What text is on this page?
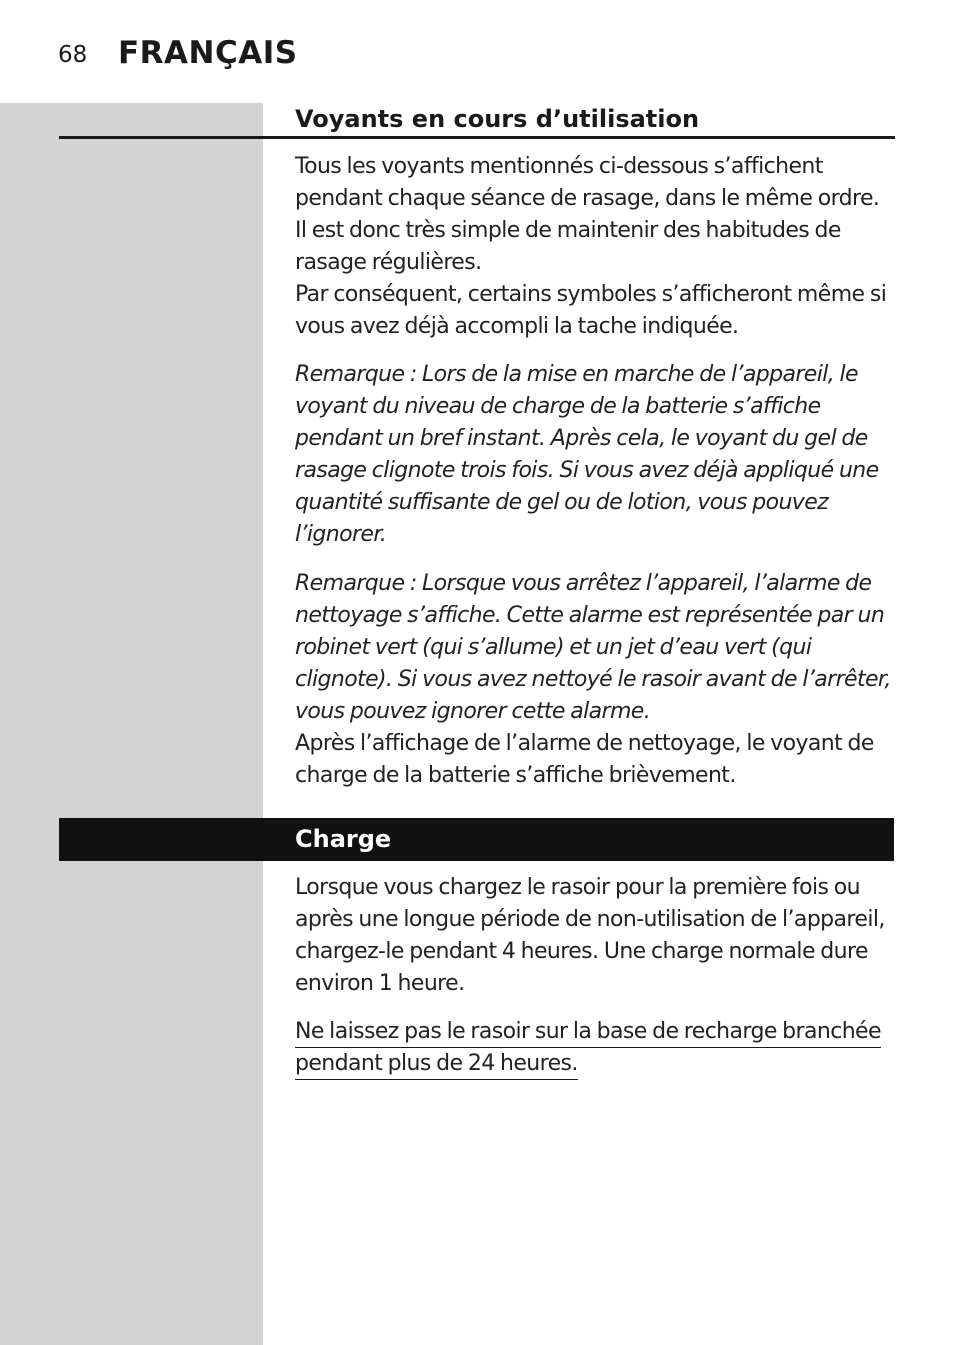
68 FRANÇAIS
Voyants en cours d’utilisation

Tous les voyants mentionnés ci-dessous s’affichent pendant chaque séance de rasage, dans le même ordre. Il est donc très simple de maintenir des habitudes de rasage régulières.

Par conséquent, certains symboles s’afficheront même si vous avez déjà accompli la tache indiquée.

Remarque : Lors de la mise en marche de l’appareil, le voyant du niveau de charge de la batterie s’affiche pendant un bref instant. Après cela, le voyant du gel de rasage clignote trois fois. Si vous avez déjà appliqué une quantité suffisante de gel ou de lotion, vous pouvez l’ignorer.

Remarque : Lorsque vous arrêtez l’appareil, l’alarme de nettoyage s’affiche. Cette alarme est représentée par un robinet vert (qui s’allume) et un jet d’eau vert (qui clignote). Si vous avez nettoyé le rasoir avant de l’arrêter, vous pouvez ignorer cette alarme.

Après l’affichage de l’alarme de nettoyage, le voyant de charge de la batterie s’affiche brièvement.

Charge

Lorsque vous chargez le rasoir pour la première fois ou après une longue période de non-utilisation de l’appareil, chargez-le pendant 4 heures. Une charge normale dure environ 1 heure.

Ne laissez pas le rasoir sur la base de recharge branchée pendant plus de 24 heures.
